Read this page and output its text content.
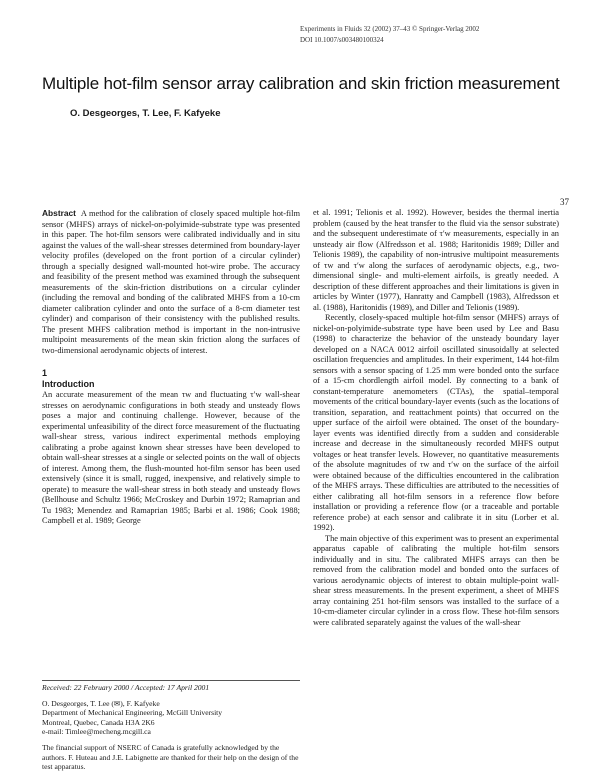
Experiments in Fluids 32 (2002) 37–43 © Springer-Verlag 2002
DOI 10.1007/s003480100324
Multiple hot-film sensor array calibration and skin friction measurement
O. Desgeorges, T. Lee, F. Kafyeke
37

Abstract A method for the calibration of closely spaced multiple hot-film sensor (MHFS) arrays of nickel-on-polyimide-substrate type was presented in this paper. The hot-film sensors were calibrated individually and in situ against the values of the wall-shear stresses determined from boundary-layer velocity profiles (developed on the front portion of a circular cylinder) through a specially designed wall-mounted hot-wire probe. The accuracy and feasibility of the present method was examined through the subsequent measurements of the skin-friction distributions on a circular cylinder (including the removal and bonding of the calibrated MHFS from a 10-cm diameter calibration cylinder and onto the surface of a 8-cm diameter test cylinder) and comparison of their consistency with the published results. The present MHFS calibration method is important in the non-intrusive multipoint measurements of the mean skin friction along the surfaces of two-dimensional aerodynamic objects of interest.

1

Introduction

An accurate measurement of the mean τw and fluctuating τ′w wall-shear stresses on aerodynamic configurations in both steady and unsteady flows poses a major and continuing challenge. However, because of the experimental unfeasibility of the direct force measurement of the fluctuating wall-shear stress, various indirect experimental methods employing calibrating a probe against known shear stresses have been developed to obtain wall-shear stresses at a single or selected points on the wall of objects of interest. Among them, the flush-mounted hot-film sensor has been used extensively (since it is small, rugged, inexpensive, and relatively simple to operate) to measure the wall-shear stress in both steady and unsteady flows (Bellhouse and Schultz 1966; McCroskey and Durbin 1972; Ramaprian and Tu 1983; Menendez and Ramaprian 1985; Barbi et al. 1986; Cook 1988; Campbell et al. 1989; George

et al. 1991; Telionis et al. 1992). However, besides the thermal inertia problem (caused by the heat transfer to the fluid via the sensor substrate) and the subsequent underestimate of τ′w measurements, especially in an unsteady air flow (Alfredsson et al. 1988; Haritonidis 1989; Diller and Telionis 1989), the capability of non-intrusive multipoint measurements of τw and τ′w along the surfaces of aerodynamic objects, e.g., two-dimensional single- and multi-element airfoils, is greatly needed. A description of these different approaches and their limitations is given in articles by Winter (1977), Hanratty and Campbell (1983), Alfredsson et al. (1988), Haritonidis (1989), and Diller and Telionis (1989).

Recently, closely-spaced multiple hot-film sensor (MHFS) arrays of nickel-on-polyimide-substrate type have been used by Lee and Basu (1998) to characterize the behavior of the unsteady boundary layer developed on a NACA 0012 airfoil oscillated sinusoidally at selected oscillation frequencies and amplitudes. In their experiment, 144 hot-film sensors with a sensor spacing of 1.25 mm were bonded onto the surface of a 15-cm chordlength airfoil model. By connecting to a bank of constant-temperature anemometers (CTAs), the spatial–temporal movements of the critical boundary-layer events (such as the locations of transition, separation, and reattachment points) that occurred on the upper surface of the airfoil were obtained. The onset of the boundary-layer events was identified directly from a sudden and considerable increase and decrease in the simultaneously recorded MHFS output voltages or heat transfer levels. However, no quantitative measurements of the absolute magnitudes of τw and τ′w on the surface of the airfoil were obtained because of the difficulties encountered in the calibration of the MHFS arrays. These difficulties are attributed to the necessities of either calibrating all hot-film sensors in a reference flow before installation or providing a reference flow (or a traceable and portable reference probe) at each sensor and calibrate it in situ (Lorber et al. 1992).

The main objective of this experiment was to present an experimental apparatus capable of calibrating the multiple hot-film sensors individually and in situ. The calibrated MHFS arrays can then be removed from the calibration model and bonded onto the surfaces of various aerodynamic objects of interest to obtain multiple-point wall-shear stress measurements. In the present experiment, a sheet of MHFS array containing 251 hot-film sensors was installed to the surface of a 10-cm-diameter circular cylinder in a cross flow. These hot-film sensors were calibrated separately against the values of the wall-shear

Received: 22 February 2000 / Accepted: 17 April 2001

O. Desgeorges, T. Lee (✉), F. Kafyeke

Department of Mechanical Engineering, McGill University

Montreal, Quebec, Canada H3A 2K6

e-mail: Timlee@mecheng.mcgill.ca

The financial support of NSERC of Canada is gratefully acknowledged by the authors. F. Huteau and J.E. Labignette are thanked for their help on the design of the test apparatus.
